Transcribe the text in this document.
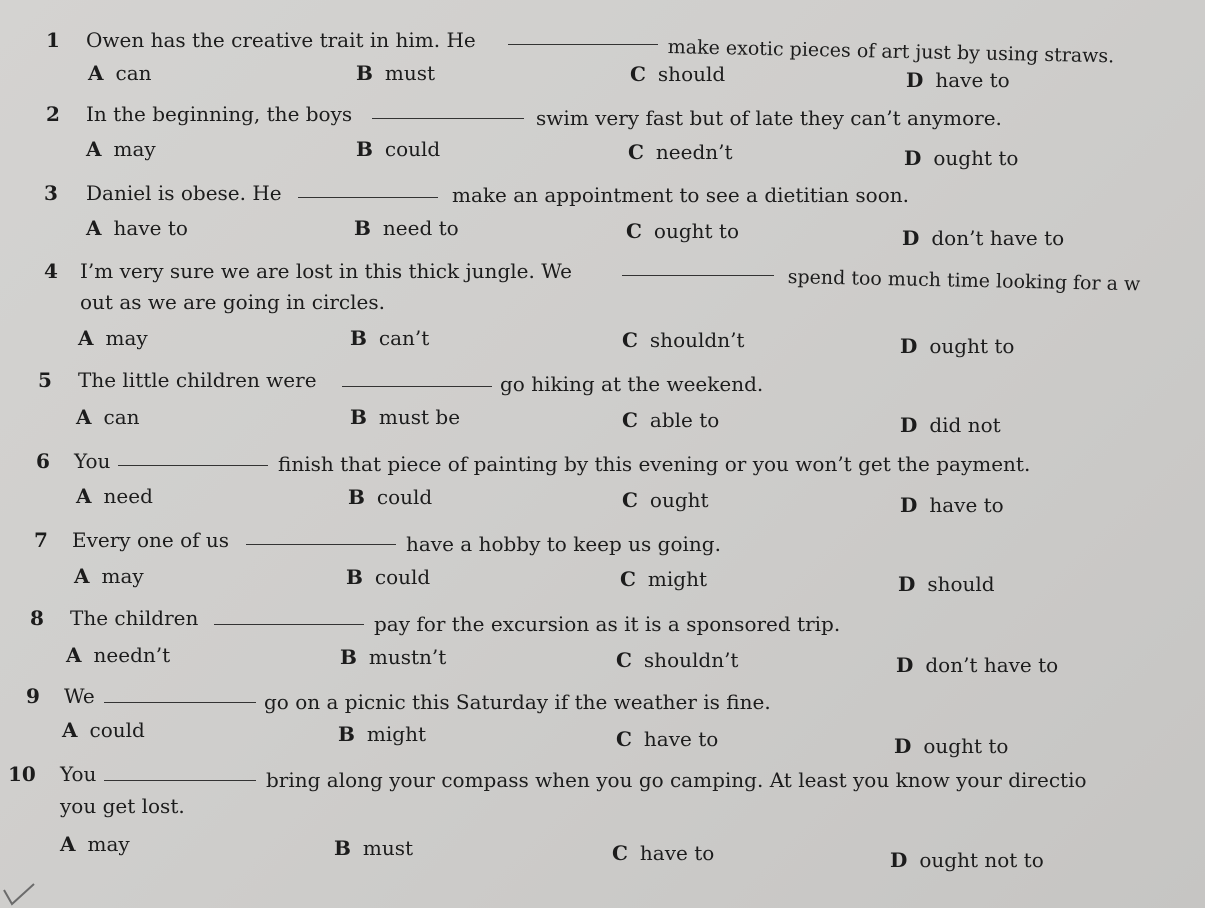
1 Owen has the creative trait in him. He	make exotic pieces of art just by using straws.
A can	B must	C should	D have to
2 In the beginning, the boys	swim very fast but of late they can’t anymore.
A may	B could	C needn’t	D ought to
3 Daniel is obese. He	make an appointment to see a dietitian soon.
A have to	B need to	C ought to	D don’t have to
4 I’m very sure we are lost in this thick jungle. We	spend too much time looking for a w
out as we are going in circles.
A may	B can’t	C shouldn’t	D ought to
5 The little children were	go hiking at the weekend.
A can	B must be	C able to	D did not
6 You	finish that piece of painting by this evening or you won’t get the payment.
A need	B could	C ought	D have to
7 Every one of us	have a hobby to keep us going.
A may	B could	C might	D should
8 The children	pay for the excursion as it is a sponsored trip.
A needn’t	B mustn’t	C shouldn’t	D don’t have to
9 We	go on a picnic this Saturday if the weather is fine.
A could	B might	C have to	D ought to
10 You	bring along your compass when you go camping. At least you know your directio
you get lost.
A may	B must	C have to	D ought not to
